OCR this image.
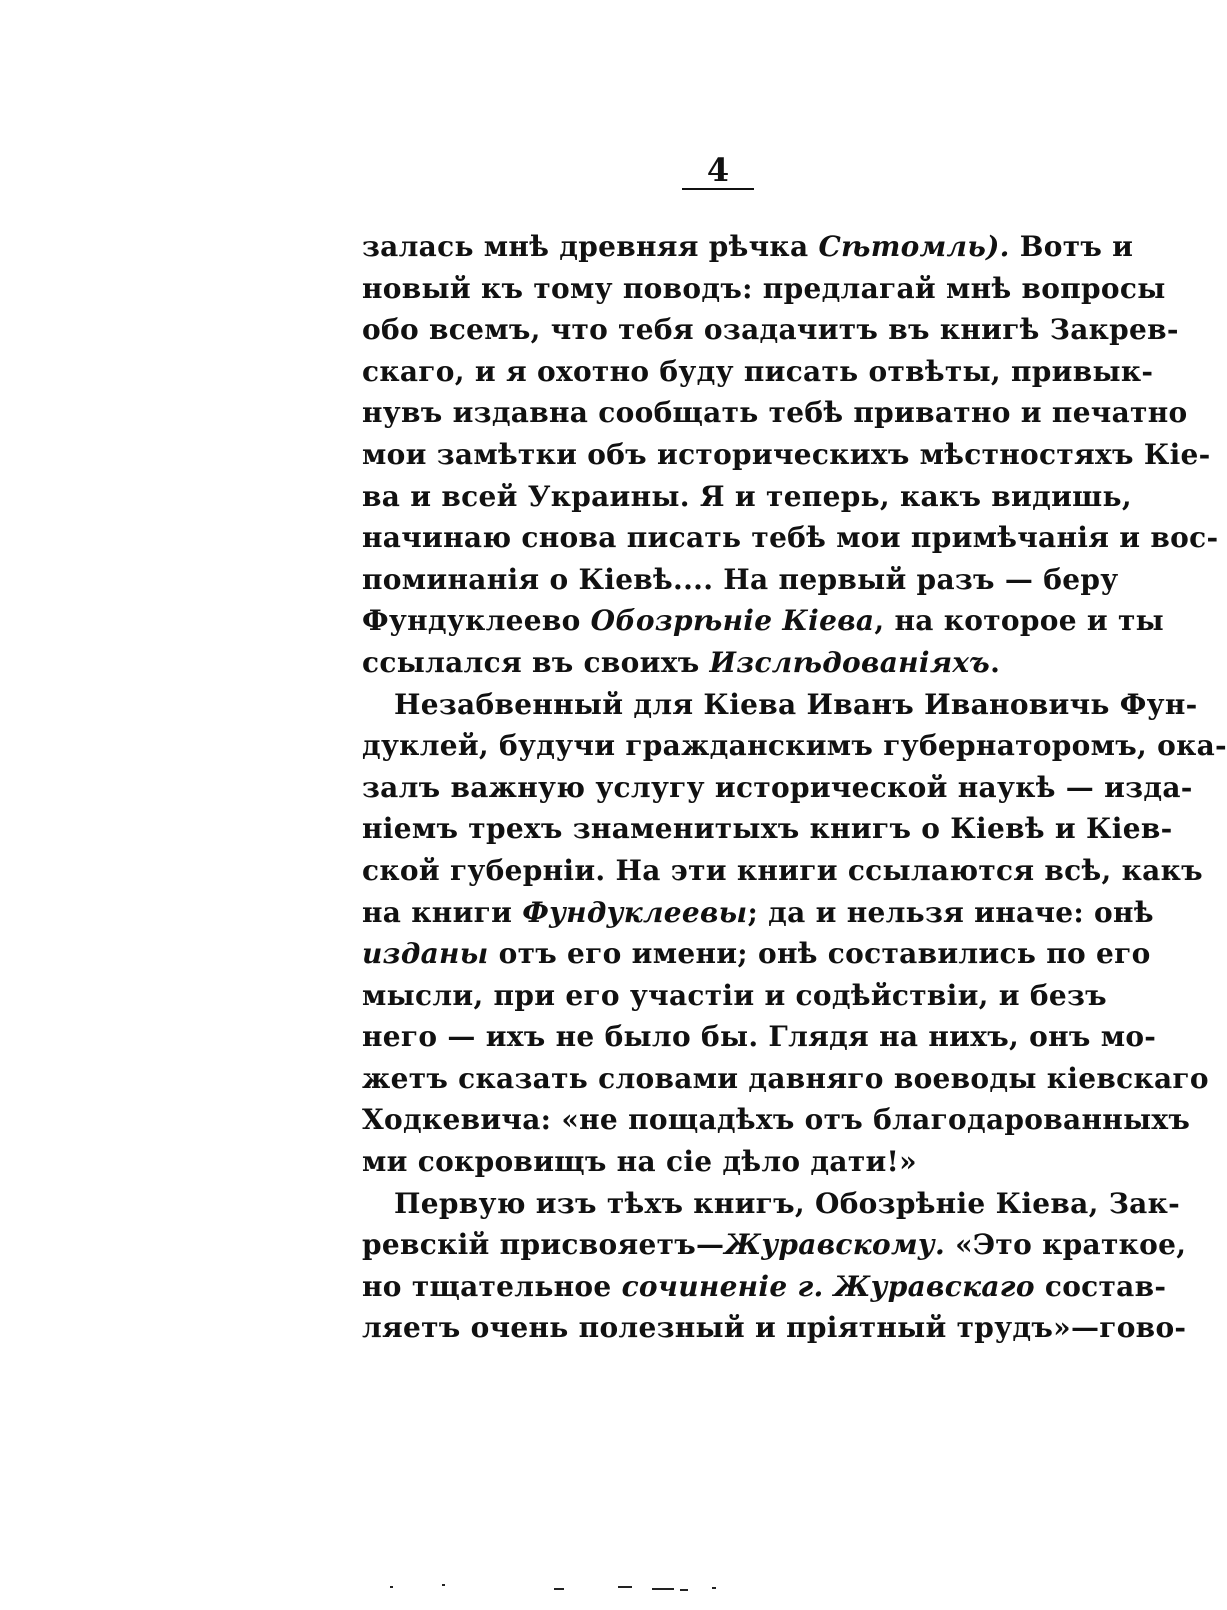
4
залась мнѣ древняя рѣчка Сѣтомль). Вотъ и
новый къ тому поводъ: предлагай мнѣ вопросы
обо всемъ, что тебя озадачитъ въ книгѣ Закрев-
скаго, и я охотно буду писать отвѣты, привык-
нувъ издавна сообщать тебѣ приватно и печатно
мои замѣтки объ историческихъ мѣстностяхъ Кіе-
ва и всей Украины. Я и теперь, какъ видишь,
начинаю снова писать тебѣ мои примѣчанія и вос-
поминанія о Кіевѣ.... На первый разъ — беру
Фундуклеево Обозрѣніе Кіева, на которое и ты
ссылался въ своихъ Изслѣдованіяхъ.
Незабвенный для Кіева Иванъ Ивановичь Фун-
дуклей, будучи гражданскимъ губернаторомъ, ока-
залъ важную услугу исторической наукѣ — изда-
ніемъ трехъ знаменитыхъ книгъ о Кіевѣ и Кіев-
ской губерніи. На эти книги ссылаются всѣ, какъ
на книги Фундуклеевы; да и нельзя иначе: онѣ
изданы отъ его имени; онѣ составились по его
мысли, при его участіи и содѣйствіи, и безъ
него — ихъ не было бы. Глядя на нихъ, онъ мо-
жетъ сказать словами давняго воеводы кіевскаго
Ходкевича: «не пощадѣхъ отъ благодарованныхъ
ми сокровищъ на сіе дѣло дати!»
Первую изъ тѣхъ книгъ, Обозрѣніе Кіева, Зак-
ревскій присвояетъ—Журавскому. «Это краткое,
но тщательное сочиненіе г. Журавскаго состав-
ляетъ очень полезный и пріятный трудъ»—гово-
